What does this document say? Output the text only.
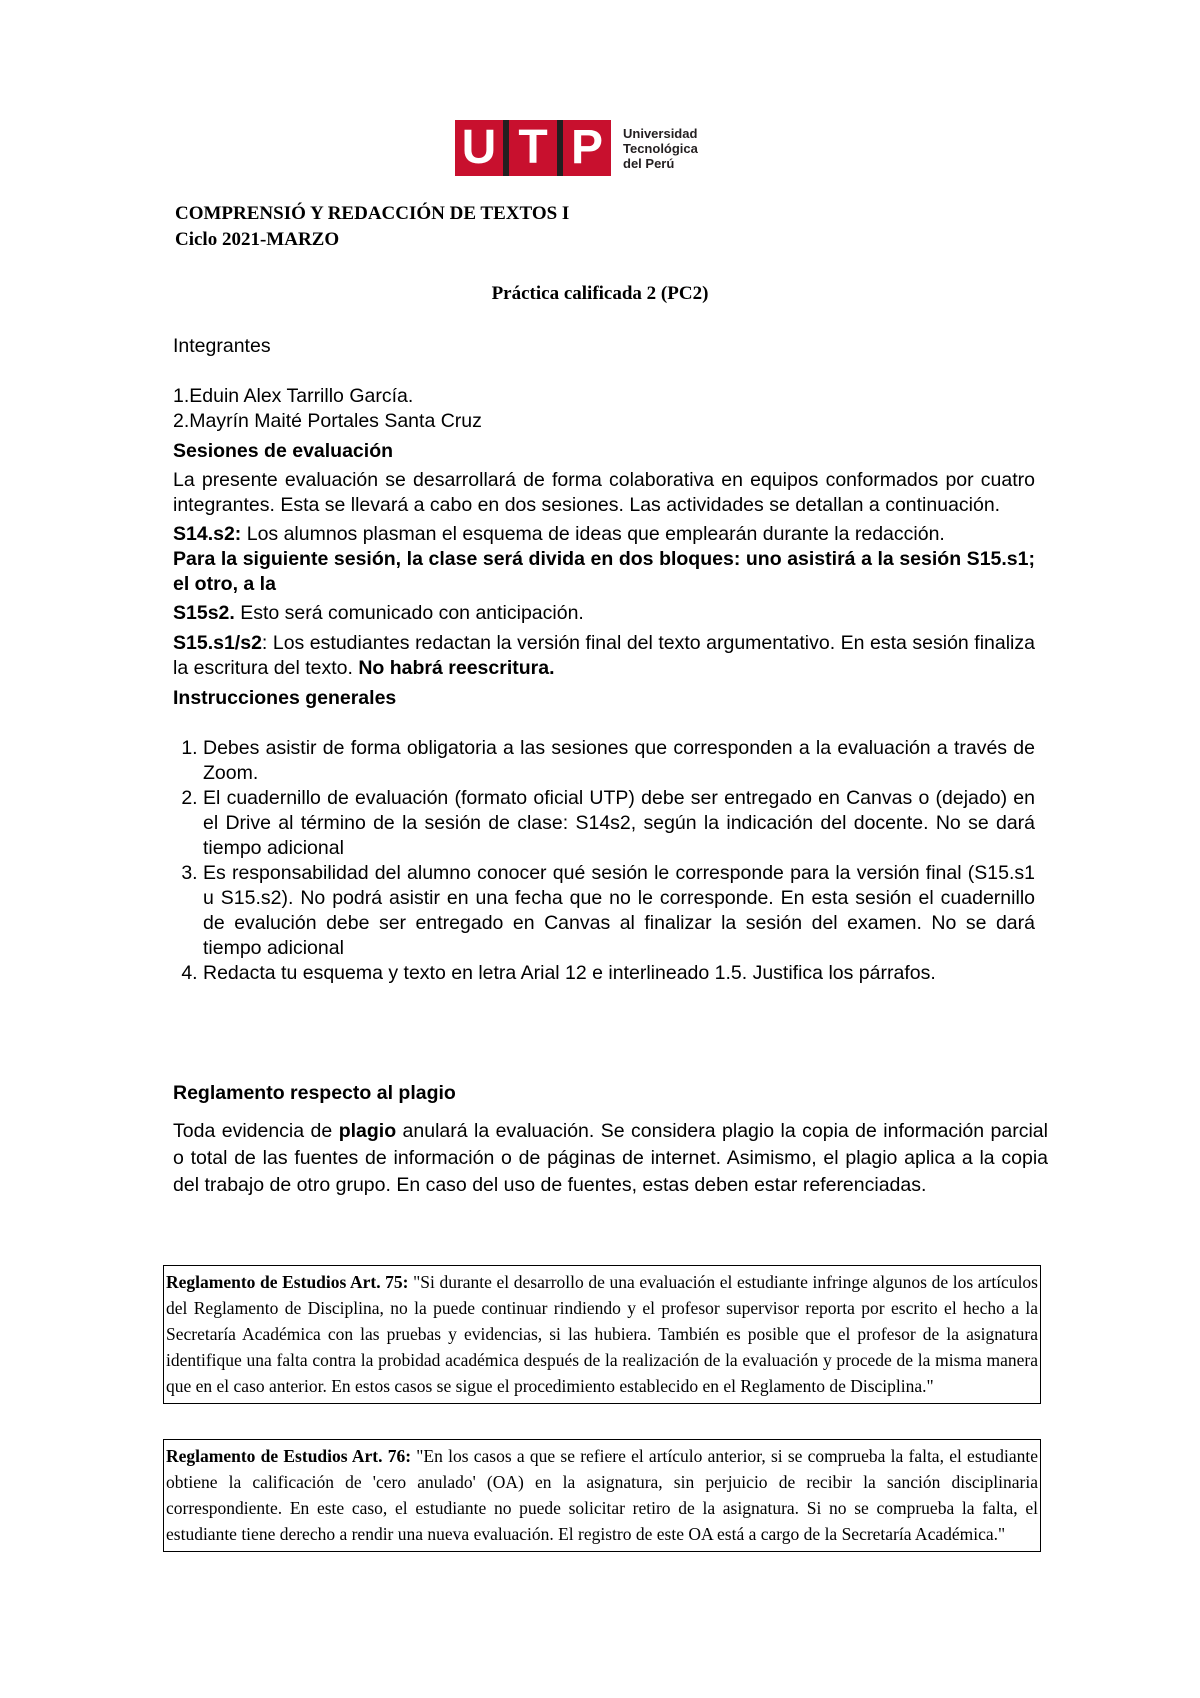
U T P	Universidad
Tecnológica
del Perú
COMPRENSIÓ Y REDACCIÓN DE TEXTOS I
Ciclo 2021-MARZO
Práctica calificada 2 (PC2)

Integrantes

1.Eduin Alex Tarrillo García.

2.Mayrín Maité Portales Santa Cruz

Sesiones de evaluación

La presente evaluación se desarrollará de forma colaborativa en equipos conformados por cuatro integrantes. Esta se llevará a cabo en dos sesiones. Las actividades se detallan a continuación.

S14.s2: Los alumnos plasman el esquema de ideas que emplearán durante la redacción.

Para la siguiente sesión, la clase será divida en dos bloques: uno asistirá a la sesión S15.s1; el otro, a la

S15s2. Esto será comunicado con anticipación.

S15.s1/s2: Los estudiantes redactan la versión final del texto argumentativo. En esta sesión finaliza la escritura del texto. No habrá reescritura.

Instrucciones generales

1. Debes asistir de forma obligatoria a las sesiones que corresponden a la evaluación a través de Zoom.
2. El cuadernillo de evaluación (formato oficial UTP) debe ser entregado en Canvas o (dejado) en el Drive al término de la sesión de clase: S14s2, según la indicación del docente. No se dará tiempo adicional
3. Es responsabilidad del alumno conocer qué sesión le corresponde para la versión final (S15.s1 u S15.s2). No podrá asistir en una fecha que no le corresponde. En esta sesión el cuadernillo de evalución debe ser entregado en Canvas al finalizar la sesión del examen. No se dará tiempo adicional
4. Redacta tu esquema y texto en letra Arial 12 e interlineado 1.5. Justifica los párrafos.

Reglamento respecto al plagio

Toda evidencia de plagio anulará la evaluación. Se considera plagio la copia de información parcial o total de las fuentes de información o de páginas de internet. Asimismo, el plagio aplica a la copia del trabajo de otro grupo. En caso del uso de fuentes, estas deben estar referenciadas.

Reglamento de Estudios Art. 75: "Si durante el desarrollo de una evaluación el estudiante infringe algunos de los artículos del Reglamento de Disciplina, no la puede continuar rindiendo y el profesor supervisor reporta por escrito el hecho a la Secretaría Académica con las pruebas y evidencias, si las hubiera. También es posible que el profesor de la asignatura identifique una falta contra la probidad académica después de la realización de la evaluación y procede de la misma manera que en el caso anterior. En estos casos se sigue el procedimiento establecido en el Reglamento de Disciplina."
Reglamento de Estudios Art. 76: "En los casos a que se refiere el artículo anterior, si se comprueba la falta, el estudiante obtiene la calificación de 'cero anulado' (OA) en la asignatura, sin perjuicio de recibir la sanción disciplinaria correspondiente. En este caso, el estudiante no puede solicitar retiro de la asignatura. Si no se comprueba la falta, el estudiante tiene derecho a rendir una nueva evaluación. El registro de este OA está a cargo de la Secretaría Académica."
